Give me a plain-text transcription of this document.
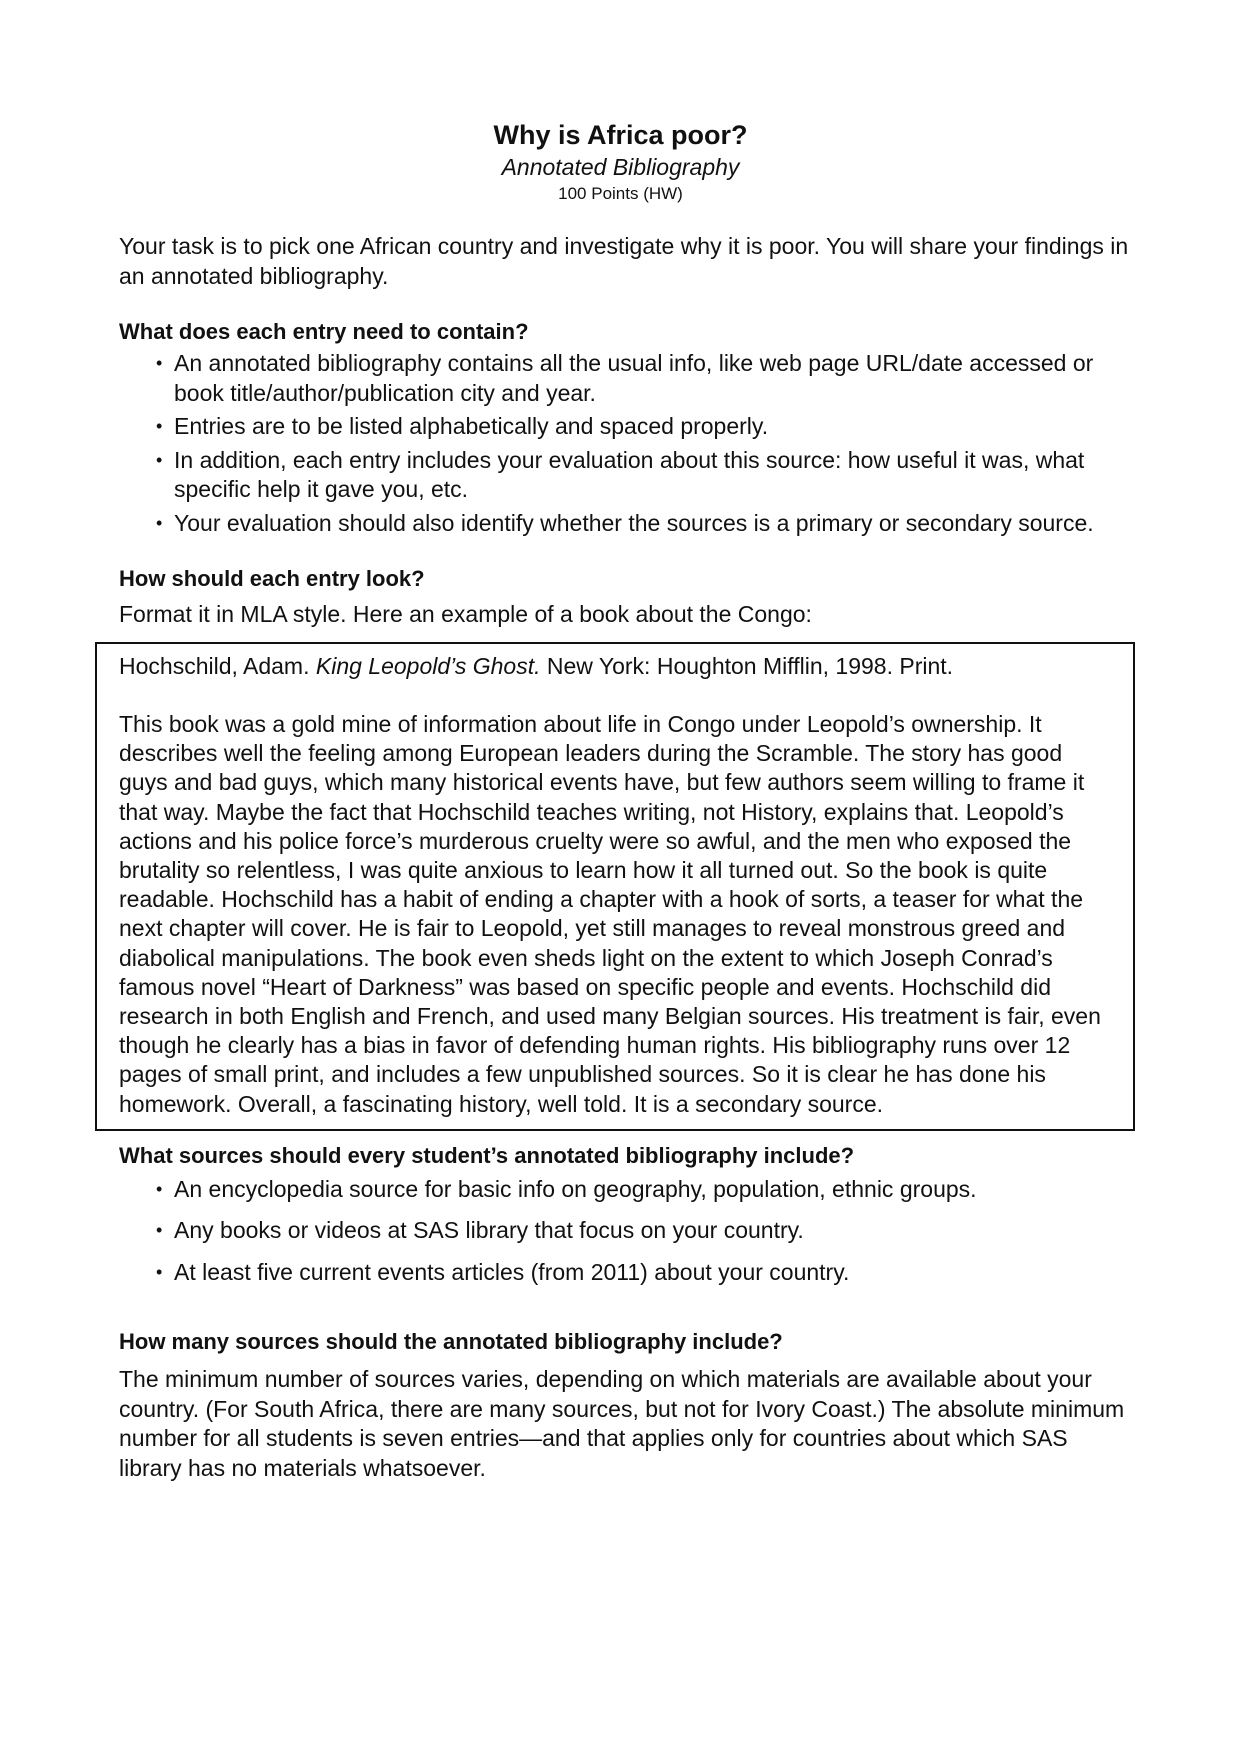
Why is Africa poor?
Annotated Bibliography
100 Points (HW)

Your task is to pick one African country and investigate why it is poor. You will share your findings in an annotated bibliography.

What does each entry need to contain?
• An annotated bibliography contains all the usual info, like web page URL/date accessed or book title/author/publication city and year.
• Entries are to be listed alphabetically and spaced properly.
• In addition, each entry includes your evaluation about this source: how useful it was, what specific help it gave you, etc.
• Your evaluation should also identify whether the sources is a primary or secondary source.
How should each entry look?

Format it in MLA style. Here an example of a book about the Congo:

Hochschild, Adam. King Leopold’s Ghost. New York: Houghton Mifflin, 1998. Print.

This book was a gold mine of information about life in Congo under Leopold’s ownership. It describes well the feeling among European leaders during the Scramble. The story has good guys and bad guys, which many historical events have, but few authors seem willing to frame it that way. Maybe the fact that Hochschild teaches writing, not History, explains that. Leopold’s actions and his police force’s murderous cruelty were so awful, and the men who exposed the brutality so relentless, I was quite anxious to learn how it all turned out. So the book is quite readable. Hochschild has a habit of ending a chapter with a hook of sorts, a teaser for what the next chapter will cover. He is fair to Leopold, yet still manages to reveal monstrous greed and diabolical manipulations. The book even sheds light on the extent to which Joseph Conrad’s famous novel “Heart of Darkness” was based on specific people and events. Hochschild did research in both English and French, and used many Belgian sources. His treatment is fair, even though he clearly has a bias in favor of defending human rights. His bibliography runs over 12 pages of small print, and includes a few unpublished sources. So it is clear he has done his homework. Overall, a fascinating history, well told. It is a secondary source.

What sources should every student’s annotated bibliography include?
• An encyclopedia source for basic info on geography, population, ethnic groups.
• Any books or videos at SAS library that focus on your country.
• At least five current events articles (from 2011) about your country.
How many sources should the annotated bibliography include?

The minimum number of sources varies, depending on which materials are available about your country. (For South Africa, there are many sources, but not for Ivory Coast.) The absolute minimum number for all students is seven entries—and that applies only for countries about which SAS library has no materials whatsoever.
